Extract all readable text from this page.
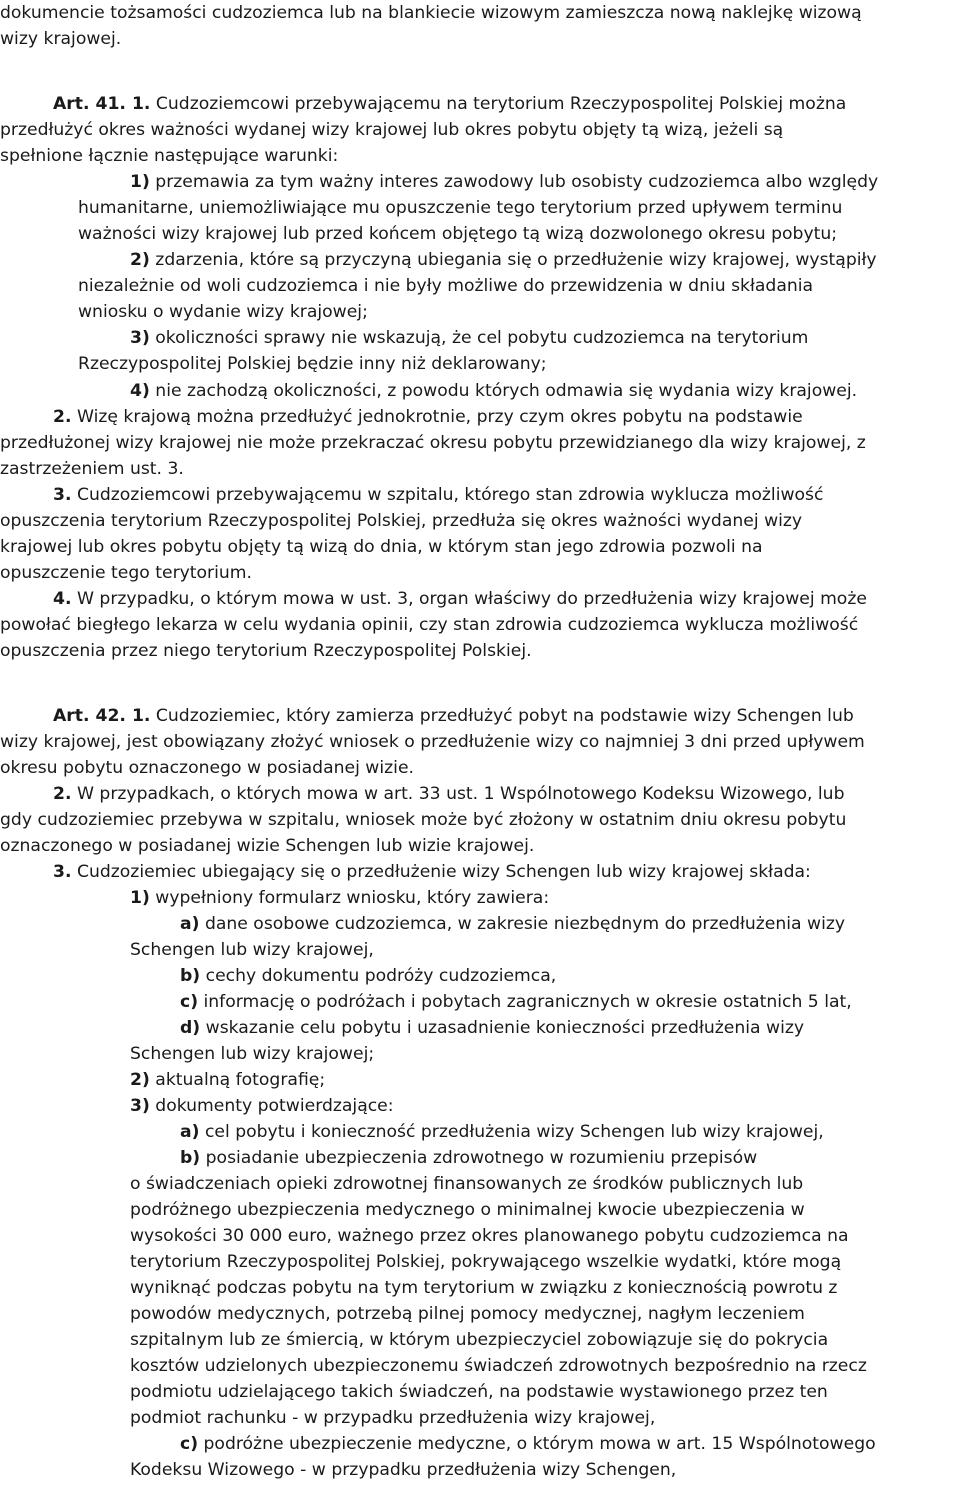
dokumencie tożsamości cudzoziemca lub na blankiecie wizowym zamieszcza nową naklejkę wizową
wizy krajowej.
Art. 41. 1. Cudzoziemcowi przebywającemu na terytorium Rzeczypospolitej Polskiej można
przedłużyć okres ważności wydanej wizy krajowej lub okres pobytu objęty tą wizą, jeżeli są
spełnione łącznie następujące warunki:
1) przemawia za tym ważny interes zawodowy lub osobisty cudzoziemca albo względy
humanitarne, uniemożliwiające mu opuszczenie tego terytorium przed upływem terminu
ważności wizy krajowej lub przed końcem objętego tą wizą dozwolonego okresu pobytu;
2) zdarzenia, które są przyczyną ubiegania się o przedłużenie wizy krajowej, wystąpiły
niezależnie od woli cudzoziemca i nie były możliwe do przewidzenia w dniu składania
wniosku o wydanie wizy krajowej;
3) okoliczności sprawy nie wskazują, że cel pobytu cudzoziemca na terytorium
Rzeczypospolitej Polskiej będzie inny niż deklarowany;
4) nie zachodzą okoliczności, z powodu których odmawia się wydania wizy krajowej.
2. Wizę krajową można przedłużyć jednokrotnie, przy czym okres pobytu na podstawie
przedłużonej wizy krajowej nie może przekraczać okresu pobytu przewidzianego dla wizy krajowej, z
zastrzeżeniem ust. 3.
3. Cudzoziemcowi przebywającemu w szpitalu, którego stan zdrowia wyklucza możliwość
opuszczenia terytorium Rzeczypospolitej Polskiej, przedłuża się okres ważności wydanej wizy
krajowej lub okres pobytu objęty tą wizą do dnia, w którym stan jego zdrowia pozwoli na
opuszczenie tego terytorium.
4. W przypadku, o którym mowa w ust. 3, organ właściwy do przedłużenia wizy krajowej może
powołać biegłego lekarza w celu wydania opinii, czy stan zdrowia cudzoziemca wyklucza możliwość
opuszczenia przez niego terytorium Rzeczypospolitej Polskiej.
Art. 42. 1. Cudzoziemiec, który zamierza przedłużyć pobyt na podstawie wizy Schengen lub
wizy krajowej, jest obowiązany złożyć wniosek o przedłużenie wizy co najmniej 3 dni przed upływem
okresu pobytu oznaczonego w posiadanej wizie.
2. W przypadkach, o których mowa w art. 33 ust. 1 Wspólnotowego Kodeksu Wizowego, lub
gdy cudzoziemiec przebywa w szpitalu, wniosek może być złożony w ostatnim dniu okresu pobytu
oznaczonego w posiadanej wizie Schengen lub wizie krajowej.
3. Cudzoziemiec ubiegający się o przedłużenie wizy Schengen lub wizy krajowej składa:
1) wypełniony formularz wniosku, który zawiera:
a) dane osobowe cudzoziemca, w zakresie niezbędnym do przedłużenia wizy
Schengen lub wizy krajowej,
b) cechy dokumentu podróży cudzoziemca,
c) informację o podróżach i pobytach zagranicznych w okresie ostatnich 5 lat,
d) wskazanie celu pobytu i uzasadnienie konieczności przedłużenia wizy
Schengen lub wizy krajowej;
2) aktualną fotografię;
3) dokumenty potwierdzające:
a) cel pobytu i konieczność przedłużenia wizy Schengen lub wizy krajowej,
b) posiadanie ubezpieczenia zdrowotnego w rozumieniu przepisów
o świadczeniach opieki zdrowotnej finansowanych ze środków publicznych lub
podróżnego ubezpieczenia medycznego o minimalnej kwocie ubezpieczenia w
wysokości 30 000 euro, ważnego przez okres planowanego pobytu cudzoziemca na
terytorium Rzeczypospolitej Polskiej, pokrywającego wszelkie wydatki, które mogą
wyniknąć podczas pobytu na tym terytorium w związku z koniecznością powrotu z
powodów medycznych, potrzebą pilnej pomocy medycznej, nagłym leczeniem
szpitalnym lub ze śmiercią, w którym ubezpieczyciel zobowiązuje się do pokrycia
kosztów udzielonych ubezpieczonemu świadczeń zdrowotnych bezpośrednio na rzecz
podmiotu udzielającego takich świadczeń, na podstawie wystawionego przez ten
podmiot rachunku - w przypadku przedłużenia wizy krajowej,
c) podróżne ubezpieczenie medyczne, o którym mowa w art. 15 Wspólnotowego
Kodeksu Wizowego - w przypadku przedłużenia wizy Schengen,
